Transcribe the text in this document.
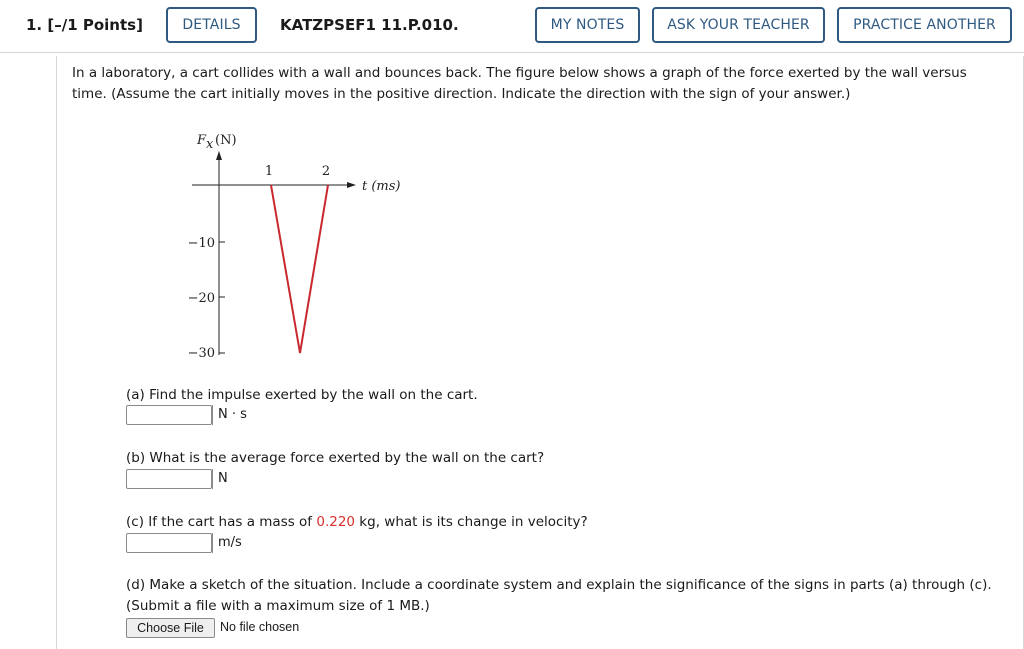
1. [–/1 Points]	DETAILS	KATZPSEF1 11.P.010.	MY NOTES	ASK YOUR TEACHER	PRACTICE ANOTHER
In a laboratory, a cart collides with a wall and bounces back. The figure below shows a graph of the force exerted by the wall versus time. (Assume the cart initially moves in the positive direction. Indicate the direction with the sign of your answer.)
F x (N)
t (ms)
1	2
−10
−20
−30
(a) Find the impulse exerted by the wall on the cart.
N · s
(b) What is the average force exerted by the wall on the cart?
N
(c) If the cart has a mass of 0.220 kg, what is its change in velocity?
m/s
(d) Make a sketch of the situation. Include a coordinate system and explain the significance of the signs in parts (a) through (c).
(Submit a file with a maximum size of 1 MB.)
Choose File	No file chosen
